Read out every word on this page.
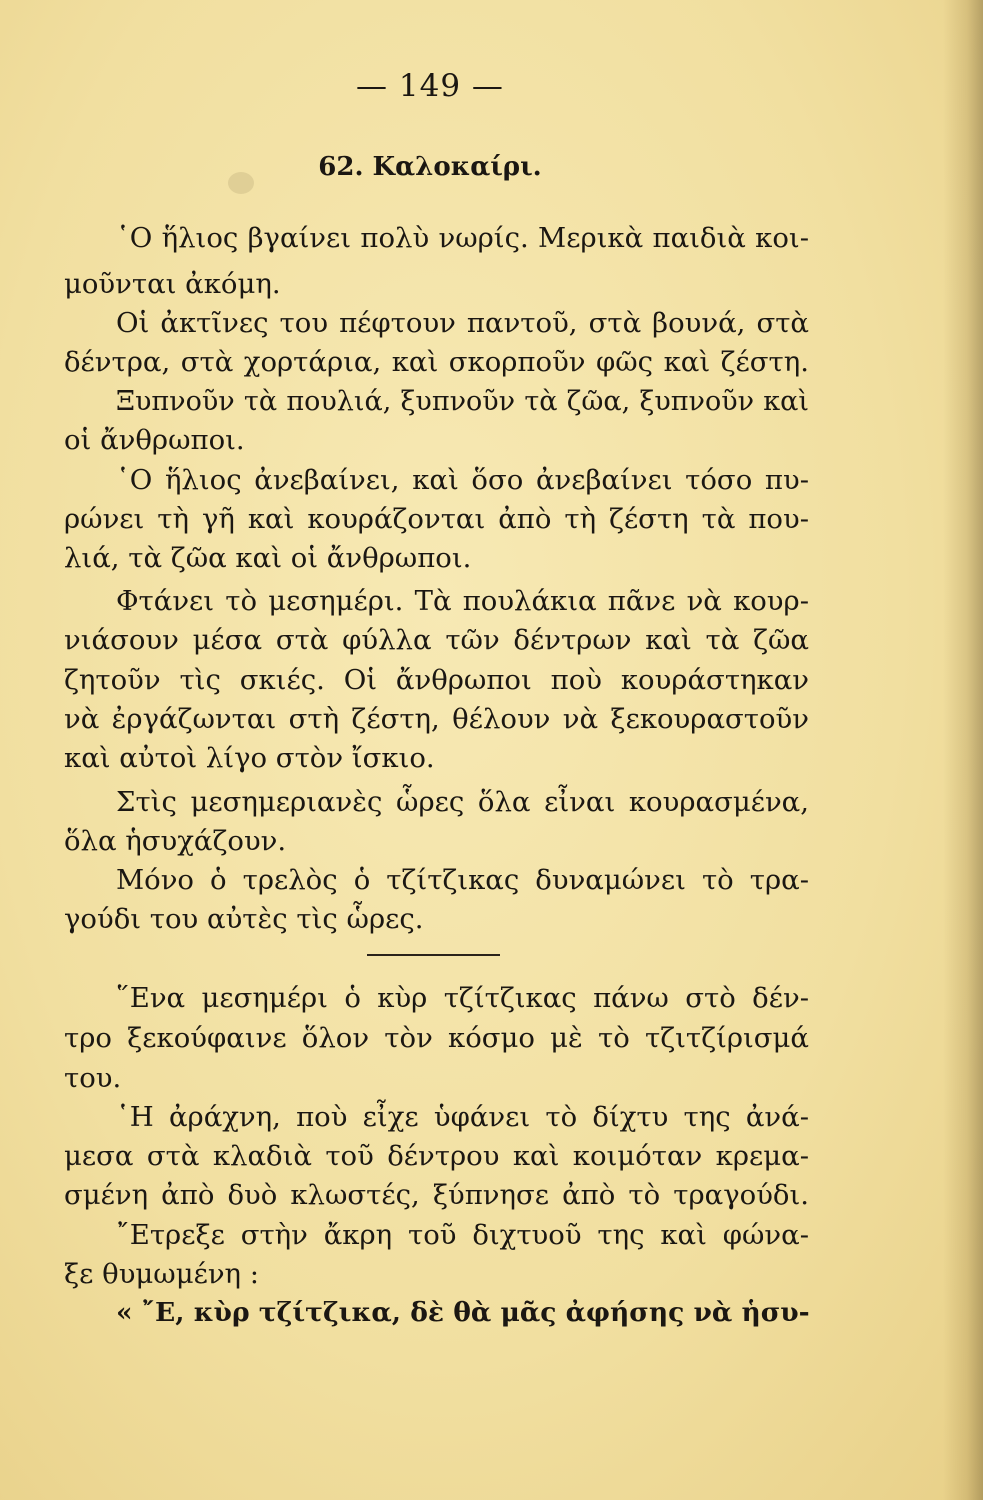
— 149 —
62. Καλοκαίρι.
῾Ο ἥλιος βγαίνει πολὺ νωρίς. Μερικὰ παιδιὰ κοι-
μοῦνται ἀκόμη.
Οἱ ἀκτῖνες του πέφτουν παντοῦ, στὰ βουνά, στὰ
δέντρα, στὰ χορτάρια, καὶ σκορποῦν φῶς καὶ ζέστη.
Ξυπνοῦν τὰ πουλιά, ξυπνοῦν τὰ ζῶα, ξυπνοῦν καὶ
οἱ ἄνθρωποι.
῾Ο ἥλιος ἀνεβαίνει, καὶ ὅσο ἀνεβαίνει τόσο πυ-
ρώνει τὴ γῆ καὶ κουράζονται ἀπὸ τὴ ζέστη τὰ που-
λιά, τὰ ζῶα καὶ οἱ ἄνθρωποι.
Φτάνει τὸ μεσημέρι. Τὰ πουλάκια πᾶνε νὰ κουρ-
νιάσουν μέσα στὰ φύλλα τῶν δέντρων καὶ τὰ ζῶα
ζητοῦν τὶς σκιές. Οἱ ἄνθρωποι ποὺ κουράστηκαν
νὰ ἐργάζωνται στὴ ζέστη, θέλουν νὰ ξεκουραστοῦν
καὶ αὐτοὶ λίγο στὸν ἴσκιο.
Στὶς μεσημεριανὲς ὧρες ὅλα εἶναι κουρασμένα,
ὅλα ἡσυχάζουν.
Μόνο ὁ τρελὸς ὁ τζίτζικας δυναμώνει τὸ τρα-
γούδι του αὐτὲς τὶς ὧρες.
῞Ενα μεσημέρι ὁ κὺρ τζίτζικας πάνω στὸ δέν-
τρο ξεκούφαινε ὅλον τὸν κόσμο μὲ τὸ τζιτζίρισμά
του.
῾Η ἀράχνη, ποὺ εἶχε ὑφάνει τὸ δίχτυ της ἀνά-
μεσα στὰ κλαδιὰ τοῦ δέντρου καὶ κοιμόταν κρεμα-
σμένη ἀπὸ δυὸ κλωστές, ξύπνησε ἀπὸ τὸ τραγούδι.
῎Ετρεξε στὴν ἄκρη τοῦ διχτυοῦ της καὶ φώνα-
ξε θυμωμένη :
« ῎Ε, κὺρ τζίτζικα, δὲ θὰ μᾶς ἀφήσης νὰ ἡσυ-
